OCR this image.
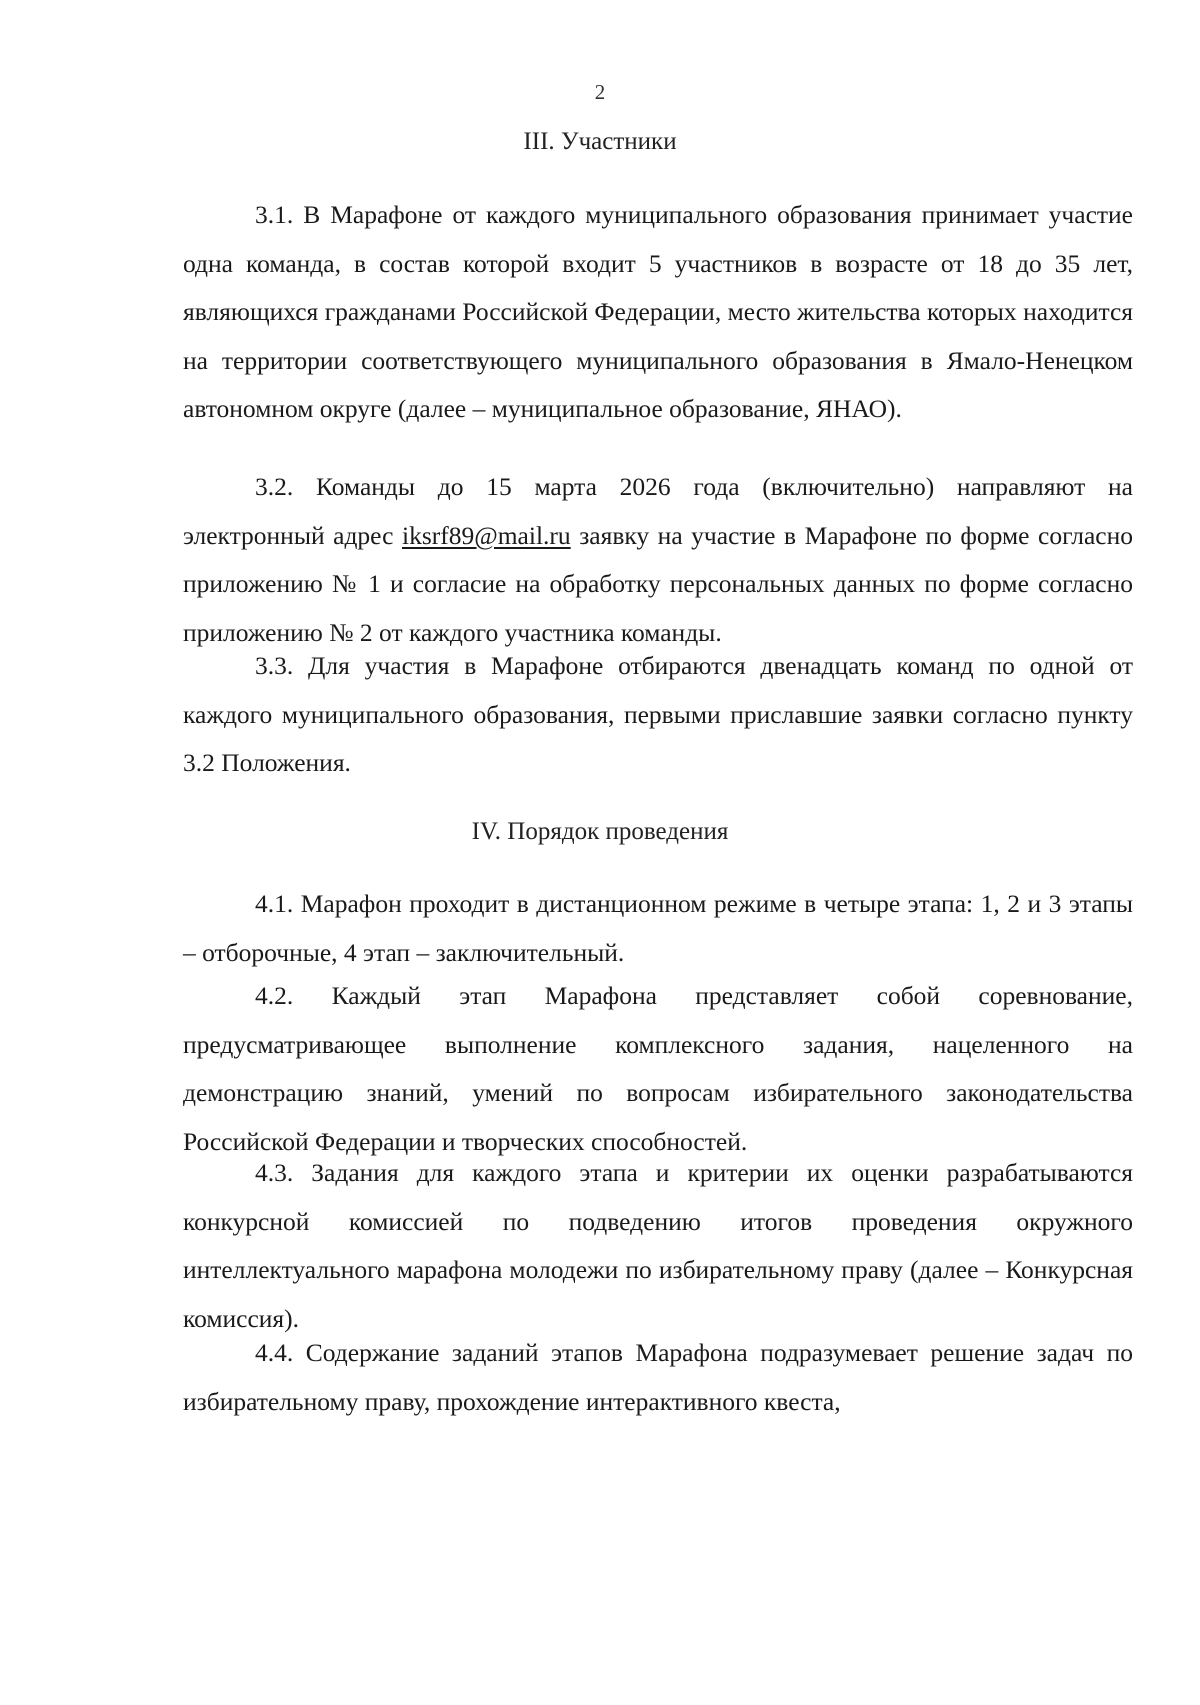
2
III. Участники

3.1. В Марафоне от каждого муниципального образования принимает участие одна команда, в состав которой входит 5 участников в возрасте от 18 до 35 лет, являющихся гражданами Российской Федерации, место жительства которых находится на территории соответствующего муниципального образования в Ямало-Ненецком автономном округе (далее – муниципальное образование, ЯНАО).

3.2. Команды до 15 марта 2026 года (включительно) направляют на электронный адрес iksrf89@mail.ru заявку на участие в Марафоне по форме согласно приложению № 1 и согласие на обработку персональных данных по форме согласно приложению № 2 от каждого участника команды.

3.3. Для участия в Марафоне отбираются двенадцать команд по одной от каждого муниципального образования, первыми приславшие заявки согласно пункту 3.2 Положения.

IV. Порядок проведения

4.1. Марафон проходит в дистанционном режиме в четыре этапа: 1, 2 и 3 этапы – отборочные, 4 этап – заключительный.

4.2. Каждый этап Марафона представляет собой соревнование, предусматривающее выполнение комплексного задания, нацеленного на демонстрацию знаний, умений по вопросам избирательного законодательства Российской Федерации и творческих способностей.

4.3. Задания для каждого этапа и критерии их оценки разрабатываются конкурсной комиссией по подведению итогов проведения окружного интеллектуального марафона молодежи по избирательному праву (далее – Конкурсная комиссия).

4.4. Содержание заданий этапов Марафона подразумевает решение задач по избирательному праву, прохождение интерактивного квеста,
